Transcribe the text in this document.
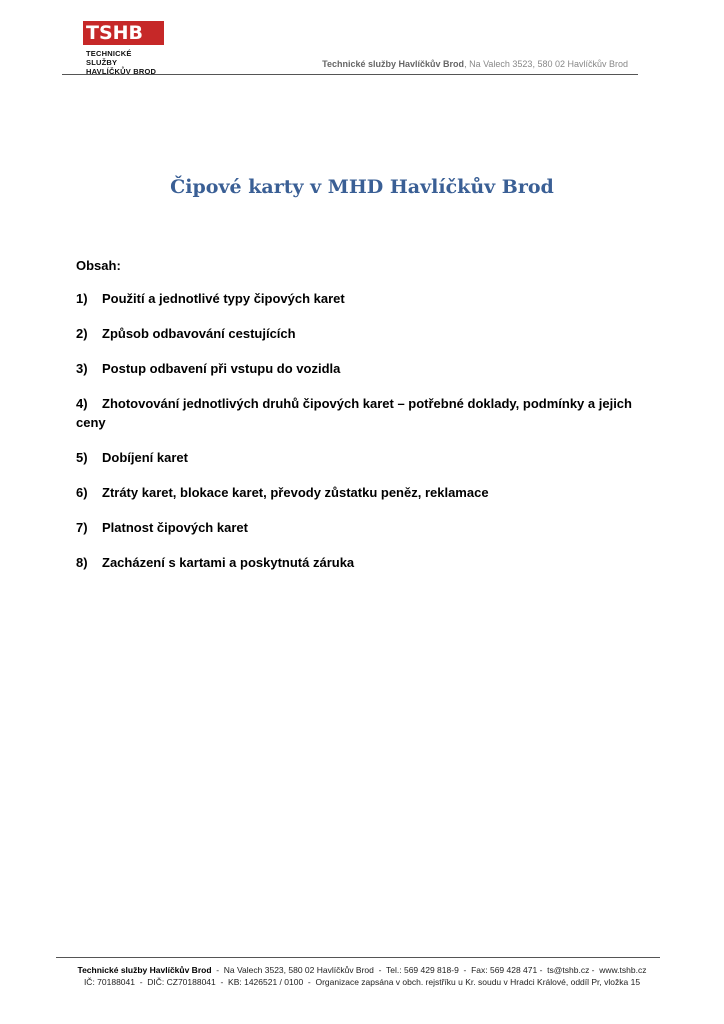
TSHB
TECHNICKÉ SLUŽBY
HAVLÍČKŮV BROD
Technické služby Havlíčkův Brod, Na Valech 3523, 580 02 Havlíčkův Brod
Čipové karty v MHD Havlíčkův Brod
Obsah:
1)	Použití a jednotlivé typy čipových karet
2)	Způsob odbavování cestujících
3)	Postup odbavení při vstupu do vozidla
4) Zhotovování jednotlivých druhů čipových karet – potřebné doklady, podmínky a jejich ceny
5)	Dobíjení karet
6)	Ztráty karet, blokace karet, převody zůstatku peněz, reklamace
7)	Platnost čipových karet
8)	Zacházení s kartami a poskytnutá záruka
Technické služby Havlíčkův Brod  -  Na Valech 3523, 580 02 Havlíčkův Brod  -  Tel.: 569 429 818-9  -  Fax: 569 428 471 -  ts@tshb.cz -  www.tshb.cz
IČ: 70188041  -  DIČ: CZ70188041  -  KB: 1426521 / 0100  -  Organizace zapsána v obch. rejstříku u Kr. soudu v Hradci Králové, oddíl Pr, vložka 15
